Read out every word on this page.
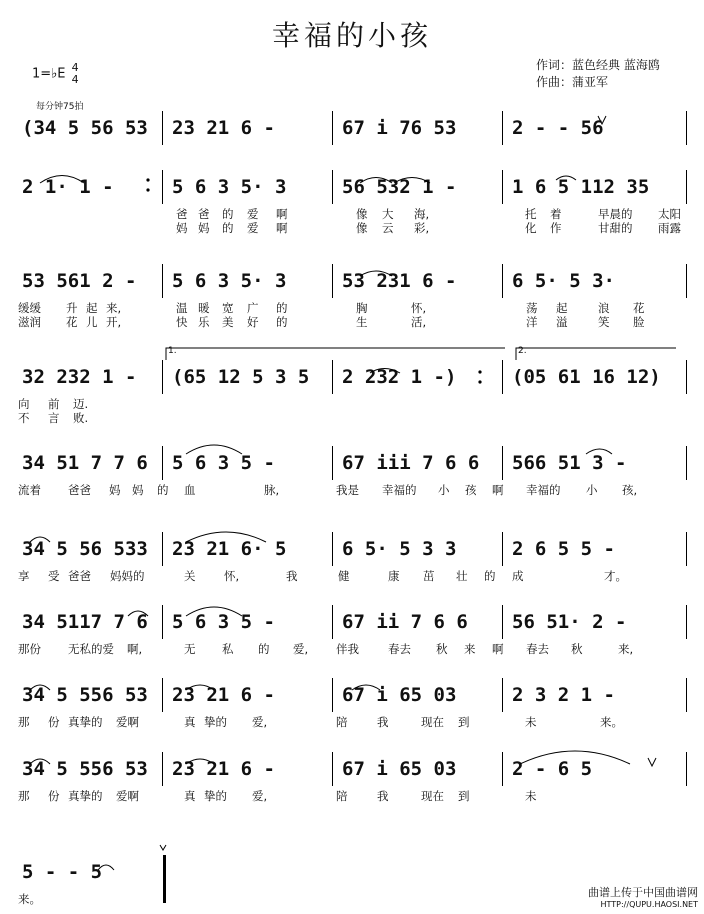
幸福的小孩
1=♭E 4
4
每分钟75拍
作词：蓝色经典 蓝海鸥
作曲：蒲亚军
(34 5 56 53 23 21 6 -	67 i 76 53	2 - - 56
2 1· 1 -	5 6 3 5· 3	56 532 1 -	1 6 5 112 35
爸 爸 的 爱 啊	像 大 海,	托 着	早晨的 太阳
妈 妈 的 爱 啊	像 云 彩,	化 作	甘甜的 雨露
53 561 2 - 5 6 3 5· 3	53 231 6 -	6 5· 5 3·
缓缓 升 起 来,	温 暖 宽 广 的	胸	怀,	荡 起	浪 花
滋润 花 儿 开,	快 乐 美 好 的	生	活,	洋 溢	笑 脸
32 232 1 - (65 12 5 3 5 2 232 1 -)	(05 61 16 12)
向 前 迈.
不 言 败.
1.	2.
34 51 7 7 6 5 6 3 5 -	67 iii 7 6 6 566 51 3 -
流着 爸爸 妈 妈 的 血	脉,	我是 幸福的 小 孩 啊 幸福的 小 孩,
34 5 56 533 23 21 6· 5	6 5· 5 3 3	2 6 5 5 -
享 受 爸爸 妈妈的	关 怀,	我	健	康 茁 壮 的 成	才。
34 5117 7 6 5 6 3 5 -	67 ii 7 6 6 56 51· 2 -
那份 无私的爱 啊,	无 私 的 爱, 伴我	春去 秋 来 啊 春去 秋	来,
34 5 556 53 23 21 6 -	67 i 65 03	2 3 2 1 -
那 份 真挚的 爱啊	真 挚的 爱,	陪	我	现在 到	未	来。
34 5 556 53 23 21 6 -	67 i 65 03	2 - 6 5
那 份 真挚的 爱啊	真 挚的 爱,	陪	我	现在 到	未
5 - - 5
来。	曲谱上传于中国曲谱网
HTTP://QUPU.HAOSI.NET
